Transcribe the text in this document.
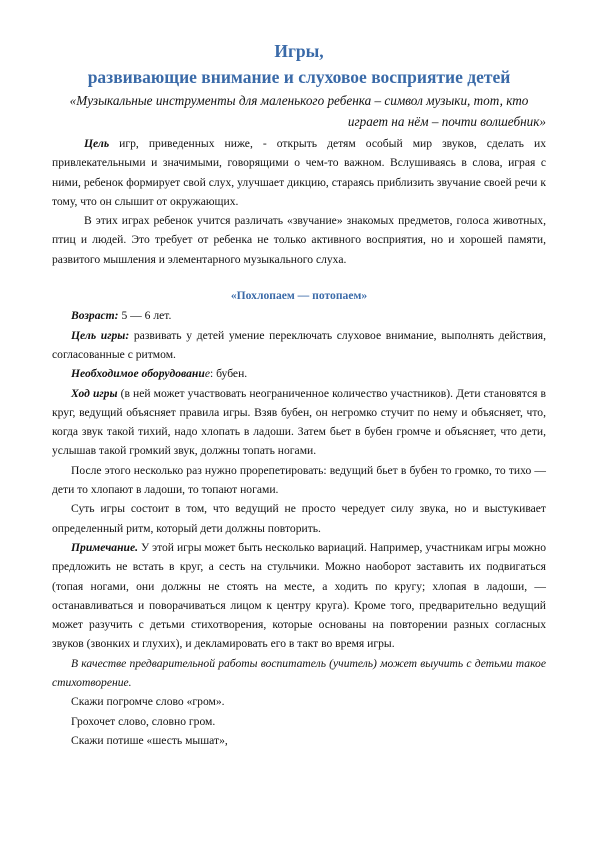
Игры,
развивающие внимание и слуховое восприятие детей
«Музыкальные инструменты для маленького ребенка – символ музыки, тот, кто
играет на нём – почти волшебник»

Цель игр, приведенных ниже, - открыть детям особый мир звуков, сделать их привлекательными и значимыми, говорящими о чем-то важном. Вслушиваясь в слова, играя с ними, ребенок формирует свой слух, улучшает дикцию, стараясь приблизить звучание своей речи к тому, что он слышит от окружающих.

В этих играх ребенок учится различать «звучание» знакомых предметов, голоса животных, птиц и людей. Это требует от ребенка не только активного восприятия, но и хорошей памяти, развитого мышления и элементарного музыкального слуха.

«Похлопаем — потопаем»

Возраст: 5 — 6 лет.

Цель игры: развивать у детей умение переключать слуховое внимание, выполнять действия, согласованные с ритмом.

Необходимое оборудование: бубен.

Ход игры (в ней может участвовать неограниченное количество участников). Дети становятся в круг, ведущий объясняет правила игры. Взяв бубен, он негромко стучит по нему и объясняет, что, когда звук такой тихий, надо хлопать в ладоши. Затем бьет в бубен громче и объясняет, что дети, услышав такой громкий звук, должны топать ногами.

После этого несколько раз нужно прорепетировать: ведущий бьет в бубен то громко, то тихо — дети то хлопают в ладоши, то топают ногами.

Суть игры состоит в том, что ведущий не просто чередует силу звука, но и выстукивает определенный ритм, который дети должны повторить.

Примечание. У этой игры может быть несколько вариаций. Например, участникам игры можно предложить не встать в круг, а сесть на стульчики. Можно наоборот заставить их подвигаться (топая ногами, они должны не стоять на месте, а ходить по кругу; хлопая в ладоши, — останавливаться и поворачиваться лицом к центру круга). Кроме того, предварительно ведущий может разучить с детьми стихотворения, которые основаны на повторении разных согласных звуков (звонких и глухих), и декламировать его в такт во время игры.

В качестве предварительной работы воспитатель (учитель) может выучить с детьми такое стихотворение.

Скажи погромче слово «гром».

Грохочет слово, словно гром.

Скажи потише «шесть мышат»,
